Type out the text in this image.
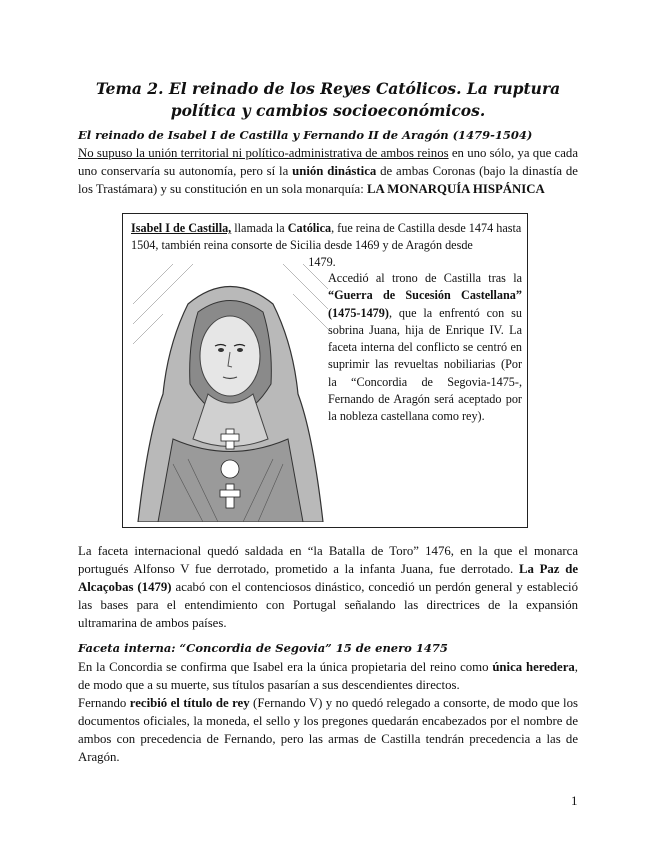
Tema 2. El reinado de los Reyes Católicos. La ruptura política y cambios socioeconómicos.
El reinado de Isabel I de Castilla y Fernando II de Aragón (1479-1504)

No supuso la unión territorial ni político-administrativa de ambos reinos en uno sólo, ya que cada uno conservaría su autonomía, pero sí la unión dinástica de ambas Coronas (bajo la dinastía de los Trastámara) y su constitución en un sola monarquía: LA MONARQUÍA HISPÁNICA

Isabel I de Castilla, llamada la Católica, fue reina de Castilla desde 1474 hasta 1504, también reina consorte de Sicilia desde 1469 y de Aragón desde
1479.
Accedió al trono de Castilla tras la “Guerra de Sucesión Castellana” (1475-1479), que la enfrentó con su sobrina Juana, hija de Enrique IV. La faceta interna del conflicto se centró en suprimir las revueltas nobiliarias (Por la “Concordia de Segovia-1475-, Fernando de Aragón será aceptado por la nobleza castellana como rey).

La faceta internacional quedó saldada en “la Batalla de Toro” 1476, en la que el monarca portugués Alfonso V fue derrotado, prometido a la infanta Juana, fue derrotado. La Paz de Alcaçobas (1479) acabó con el contenciosos dinástico, concedió un perdón general y estableció las bases para el entendimiento con Portugal señalando las directrices de la expansión ultramarina de ambos países.

Faceta interna: “Concordia de Segovia” 15 de enero 1475

En la Concordia se confirma que Isabel era la única propietaria del reino como única heredera, de modo que a su muerte, sus títulos pasarían a sus descendientes directos.

Fernando recibió el título de rey (Fernando V) y no quedó relegado a consorte, de modo que los documentos oficiales, la moneda, el sello y los pregones quedarán encabezados por el nombre de ambos con precedencia de Fernando, pero las armas de Castilla tendrán precedencia a las de Aragón.

1
